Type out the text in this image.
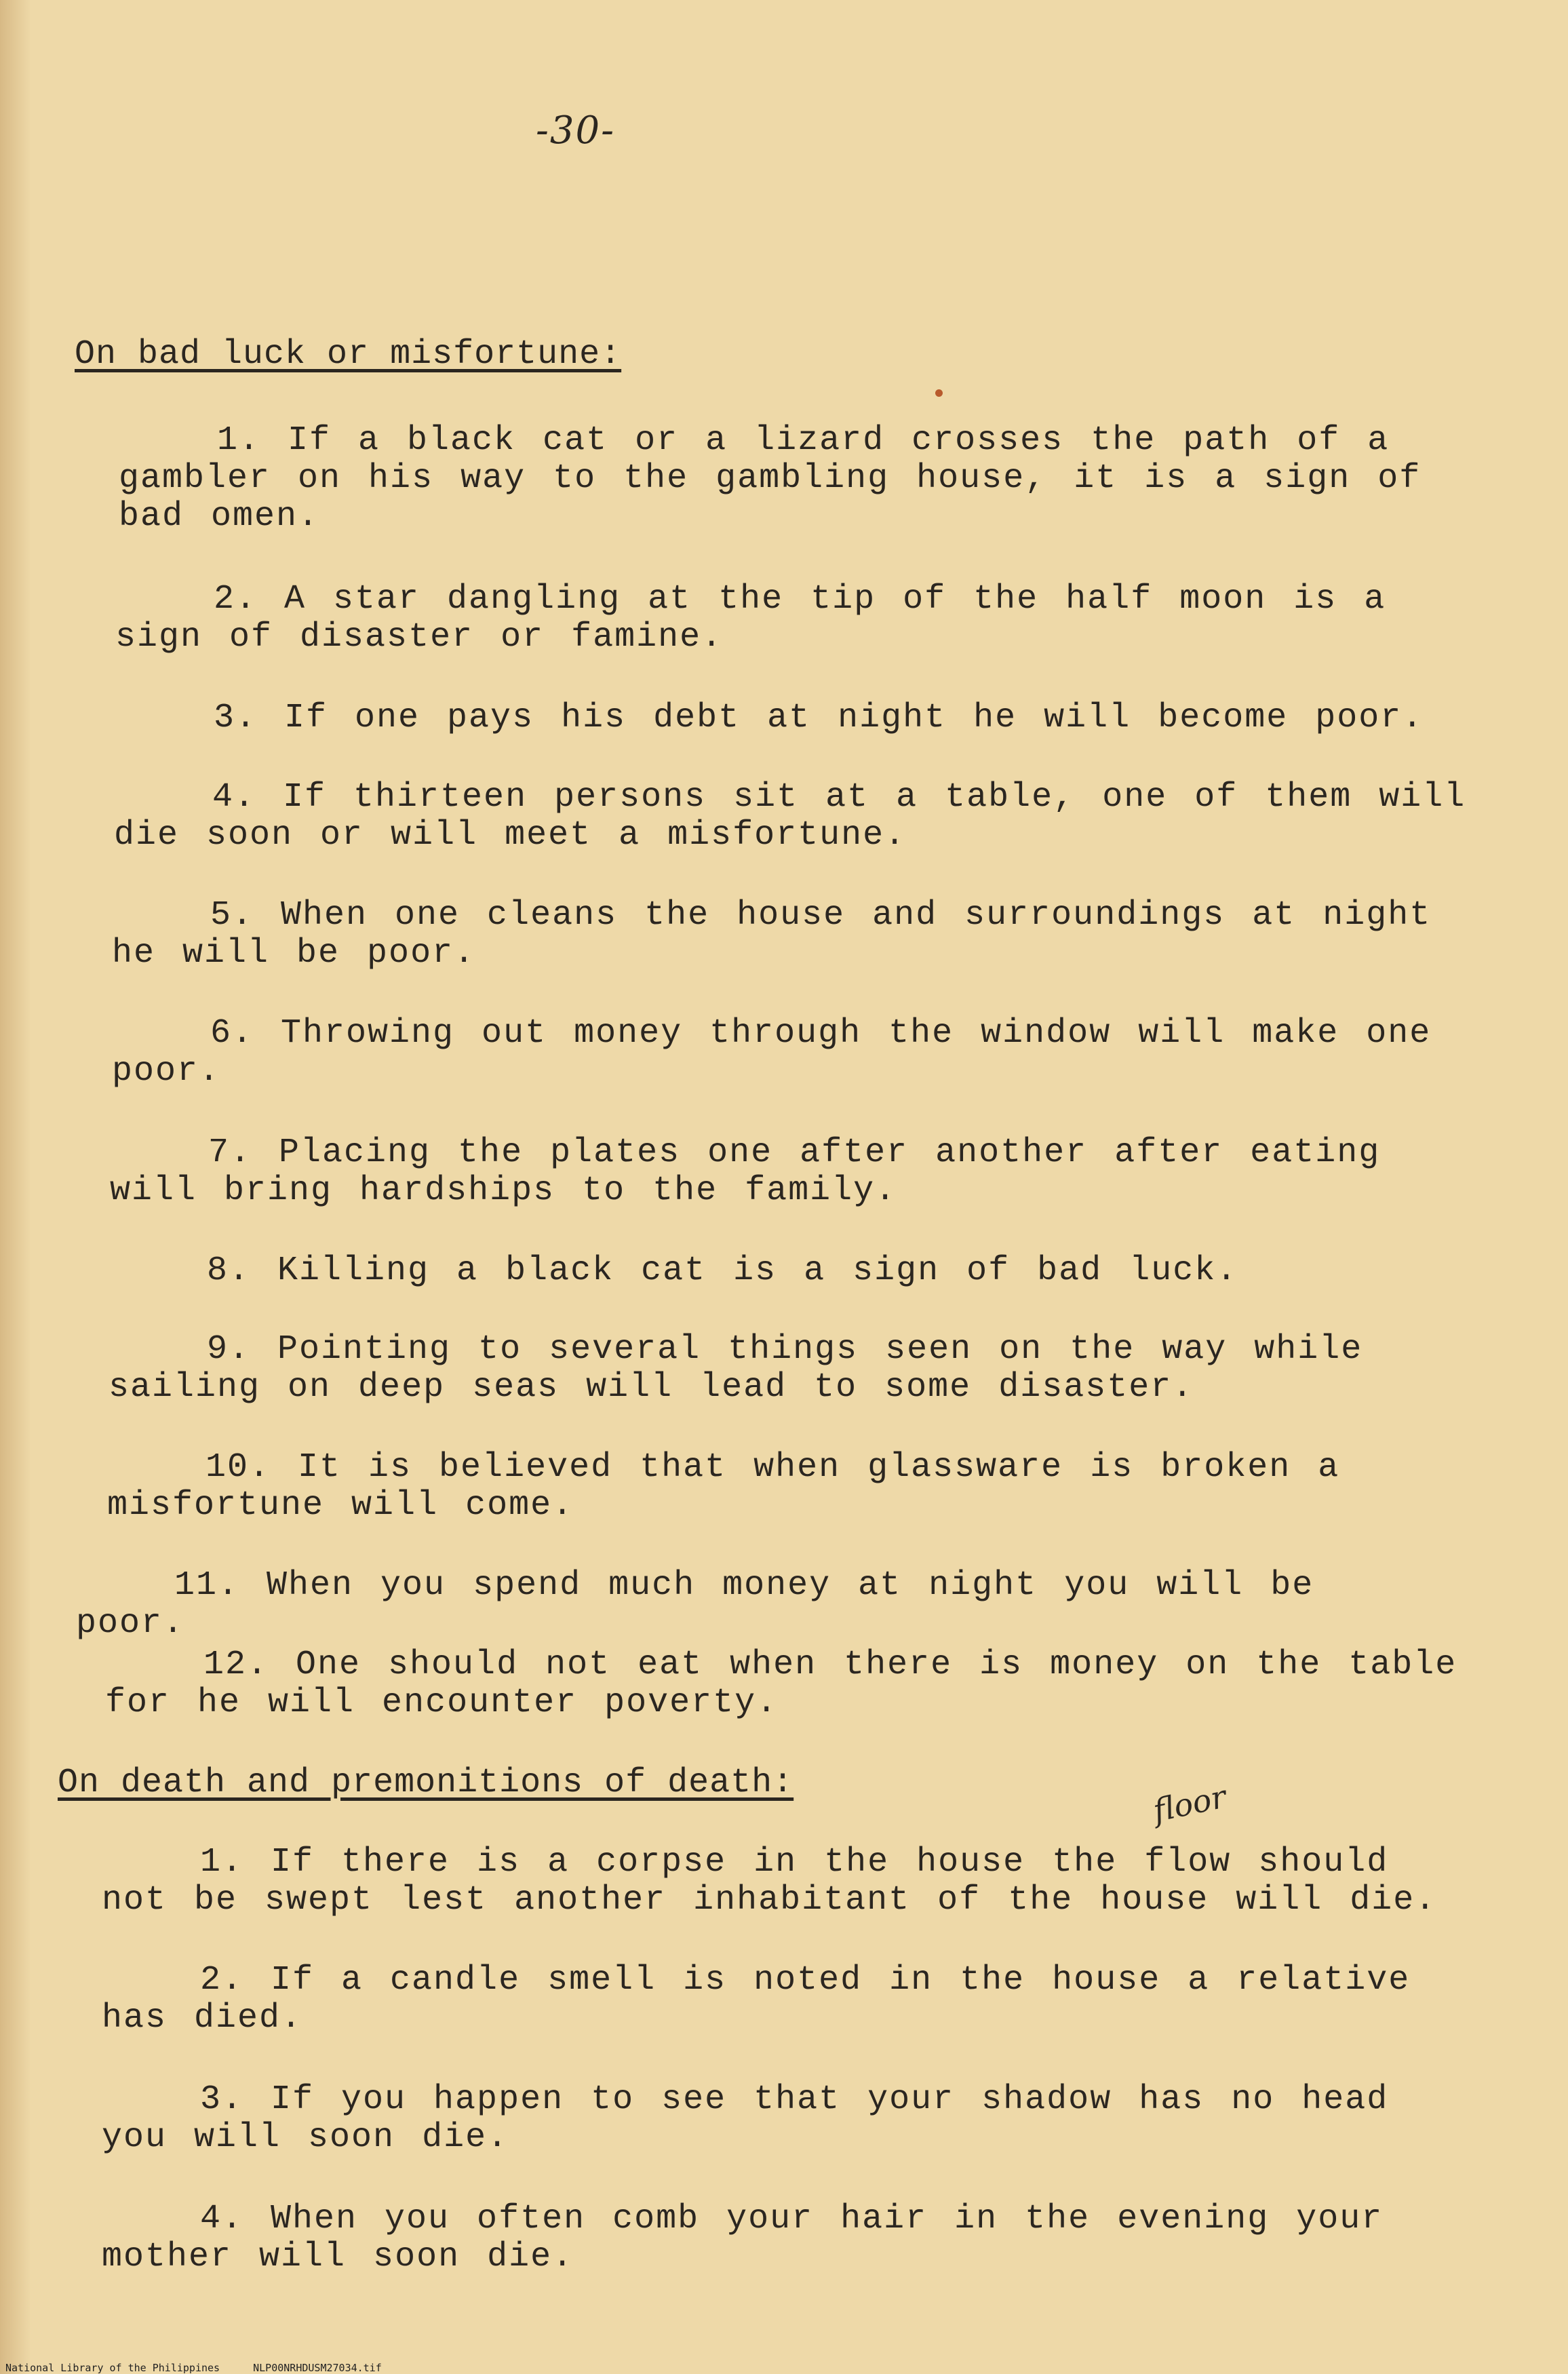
-30-
On bad luck or misfortune:
1. If a black cat or a lizard crosses the path of a gambler on his way to the gambling house, it is a sign of bad omen.
2. A star dangling at the tip of the half moon is a sign of disaster or famine.
3. If one pays his debt at night he will become poor.
4. If thirteen persons sit at a table, one of them will die soon or will meet a misfortune.
5. When one cleans the house and surroundings at night he will be poor.
6. Throwing out money through the window will make one poor.
7. Placing the plates one after another after eating will bring hardships to the family.
8. Killing a black cat is a sign of bad luck.
9. Pointing to several things seen on the way while sailing on deep seas will lead to some disaster.
10. It is believed that when glassware is broken a misfortune will come.
11. When you spend much money at night you will be poor.
12. One should not eat when there is money on the table for he will encounter poverty.
On death and premonitions of death:	floor
1. If there is a corpse in the house the flow should not be swept lest another inhabitant of the house will die.
2. If a candle smell is noted in the house a relative has died.
3. If you happen to see that your shadow has no head you will soon die.
4. When you often comb your hair in the evening your mother will soon die.
National Library of the Philippines	NLP00NRHDUSM27034.tif
